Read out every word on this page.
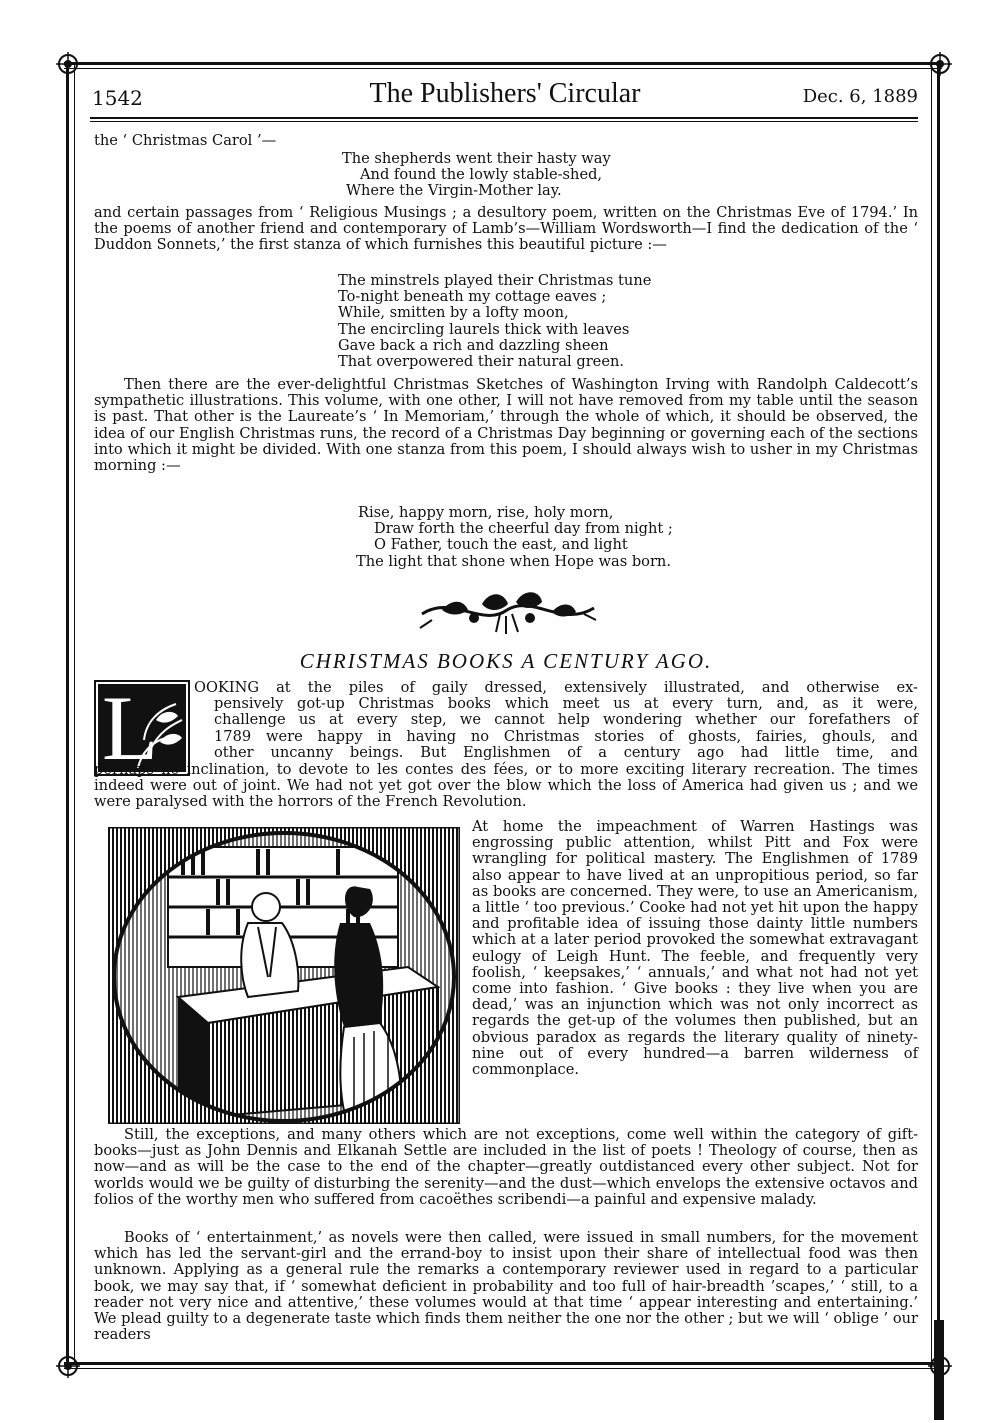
1542	The Publishers' Circular	Dec. 6, 1889

the ‘ Christmas Carol ’—

The shepherds went their hasty way
And found the lowly stable-shed,
Where the Virgin-Mother lay.

and certain passages from ‘ Religious Musings ; a desultory poem, written on the Christmas Eve of 1794.’ In the poems of another friend and contemporary of Lamb’s—William Wordsworth—I find the dedication of the ‘ Duddon Sonnets,’ the first stanza of which furnishes this beautiful picture :—

The minstrels played their Christmas tune
To-night beneath my cottage eaves ;
While, smitten by a lofty moon,
The encircling laurels thick with leaves
Gave back a rich and dazzling sheen
That overpowered their natural green.

Then there are the ever-delightful Christmas Sketches of Washington Irving with Randolph Caldecott’s sympathetic illustrations. This volume, with one other, I will not have removed from my table until the season is past. That other is the Laureate’s ‘ In Memoriam,’ through the whole of which, it should be observed, the idea of our English Christmas runs, the record of a Christmas Day beginning or governing each of the sections into which it might be divided. With one stanza from this poem, I should always wish to usher in my Christmas morning :—

Rise, happy morn, rise, holy morn,
Draw forth the cheerful day from night ;
O Father, touch the east, and light
The light that shone when Hope was born.
CHRISTMAS BOOKS A CENTURY AGO.
L OOKING at the piles of gaily dressed, extensively illustrated, and otherwise ex-
pensively got-up Christmas books which meet us at every turn, and, as it were,
challenge us at every step, we cannot help wondering whether our forefathers of
1789 were happy in having no Christmas stories of ghosts, fairies, ghouls, and
other uncanny beings. But Englishmen of a century ago had little time, and

perhaps no inclination, to devote to les contes des fées, or to more exciting literary recreation. The times indeed were out of joint. We had not yet got over the blow which the loss of America had given us ; and we were paralysed with the horrors of the French Revolution.

At home the impeachment of Warren Hastings was engrossing public attention, whilst Pitt and Fox were wrangling for political mastery. The Englishmen of 1789 also appear to have lived at an unpropitious period, so far as books are concerned. They were, to use an Americanism, a little ‘ too previous.’ Cooke had not yet hit upon the happy and profitable idea of issuing those dainty little numbers which at a later period provoked the somewhat extravagant eulogy of Leigh Hunt. The feeble, and frequently very foolish, ‘ keepsakes,’ ‘ annuals,’ and what not had not yet come into fashion. ‘ Give books : they live when you are dead,’ was an injunction which was not only incorrect as regards the get-up of the volumes then published, but an obvious paradox as regards the literary quality of ninety-nine out of every hundred—a barren wilderness of commonplace.

Still, the exceptions, and many others which are not exceptions, come well within the category of gift-books—just as John Dennis and Elkanah Settle are included in the list of poets ! Theology of course, then as now—and as will be the case to the end of the chapter—greatly outdistanced every other subject. Not for worlds would we be guilty of disturbing the serenity—and the dust—which envelops the extensive octavos and folios of the worthy men who suffered from cacoëthes scribendi—a painful and expensive malady.

Books of ‘ entertainment,’ as novels were then called, were issued in small numbers, for the movement which has led the servant-girl and the errand-boy to insist upon their share of intellectual food was then unknown. Applying as a general rule the remarks a contemporary reviewer used in regard to a particular book, we may say that, if ‘ somewhat deficient in probability and too full of hair-breadth ’scapes,’ ‘ still, to a reader not very nice and attentive,’ these volumes would at that time ‘ appear interesting and entertaining.’ We plead guilty to a degenerate taste which finds them neither the one nor the other ; but we will ‘ oblige ’ our readers
